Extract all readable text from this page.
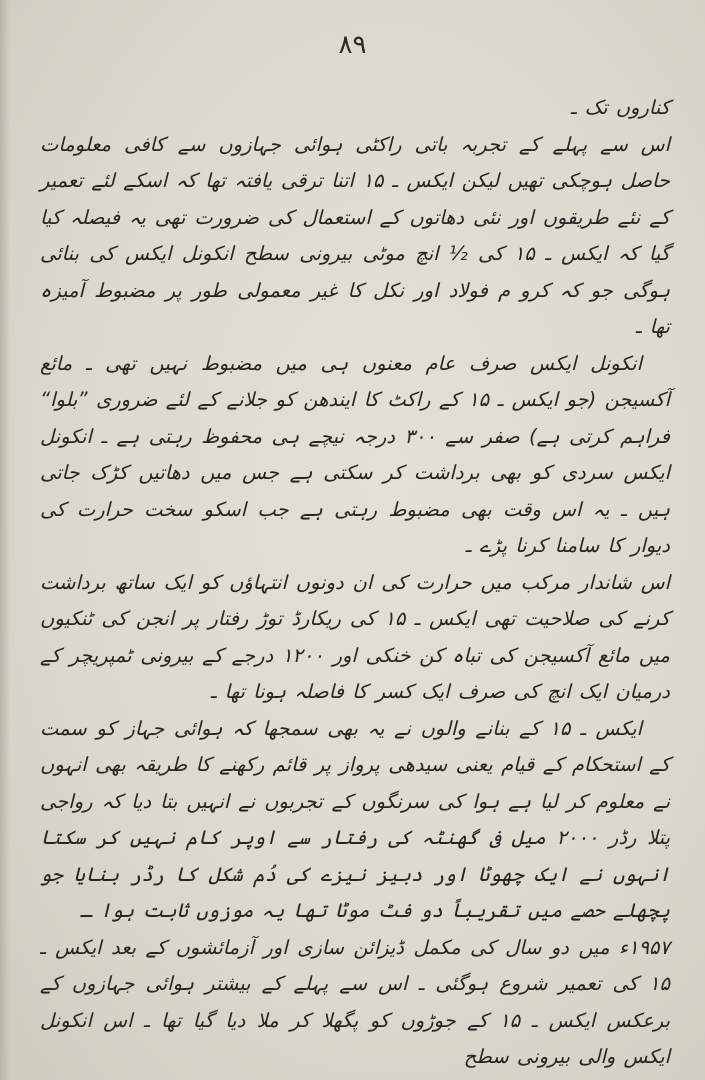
۸۹

کناروں تک ـ

اس سے پہلے کے تجربہ باتی راکٹی ہوائی جہازوں سے کافی معلومات حاصل ہوچکی تھیں لیکن ایکس ـ ۱۵ اتنا ترقی یافتہ تھا کہ اسکے لئے تعمیر کے نئے طریقوں اور نئی دھاتوں کے استعمال کی ضرورت تھی یہ فیصلہ کیا گیا کہ ایکس ـ ۱۵ کی ½ انچ موٹی بیرونی سطح انکونل ایکس کی بنائی ہوگی جو کہ کرو م فولاد اور نکل کا غیر معمولی طور پر مضبوط آمیزہ تھا ـ

انکونل ایکس صرف عام معنوں ہی میں مضبوط نہیں تھی ـ مائع آکسیجن (جو ایکس ـ ۱۵ کے راکٹ کا ایندھن کو جلانے کے لئے ضروری ”بلوا“ فراہم کرتی ہے) صفر سے ۳۰۰ درجہ نیچے ہی محفوظ رہتی ہے ـ انکونل ایکس سردی کو بھی برداشت کر سکتی ہے جس میں دھاتیں کڑک جاتی ہیں ـ یہ اس وقت بھی مضبوط رہتی ہے جب اسکو سخت حرارت کی دیوار کا سامنا کرنا پڑے ـ

اس شاندار مرکب میں حرارت کی ان دونوں انتہاؤں کو ایک ساتھ برداشت کرنے کی صلاحیت تھی ایکس ـ ۱۵ کی ریکارڈ توڑ رفتار پر انجن کی ٹنکیوں میں مائع آکسیجن کی تباہ کن خنکی اور ۱۲۰۰ درجے کے بیرونی ٹمپریچر کے درمیان ایک انچ کی صرف ایک کسر کا فاصلہ ہونا تھا ـ

ایکس ـ ۱۵ کے بنانے والوں نے یہ بھی سمجھا کہ ہوائی جہاز کو سمت کے استحکام کے قیام یعنی سیدھی پرواز پر قائم رکھنے کا طریقہ بھی انہوں نے معلوم کر لیا ہے ہوا کی سرنگوں کے تجربوں نے انہیں بتا دیا کہ رواجی پتلا رڈر ۲۰۰۰ میل فی گھنٹہ کی رفتار سے اوپر کام نہیں کر سکتا انہوں نے ایک چھوٹا اور دبیز نیزے کی دُم شکل کا رڈر بنایا جو پچھلے حصے میں تقریباً دو فٹ موٹا تھا یہ موزوں ثابت ہوا ـ

۱۹۵۷ء میں دو سال کی مکمل ڈیزائن سازی اور آزمائشوں کے بعد ایکس ـ ۱۵ کی تعمیر شروع ہوگئی ـ اس سے پہلے کے بیشتر ہوائی جہازوں کے برعکس ایکس ـ ۱۵ کے جوڑوں کو پگھلا کر ملا دیا گیا تھا ـ اس انکونل ایکس والی بیرونی سطح
